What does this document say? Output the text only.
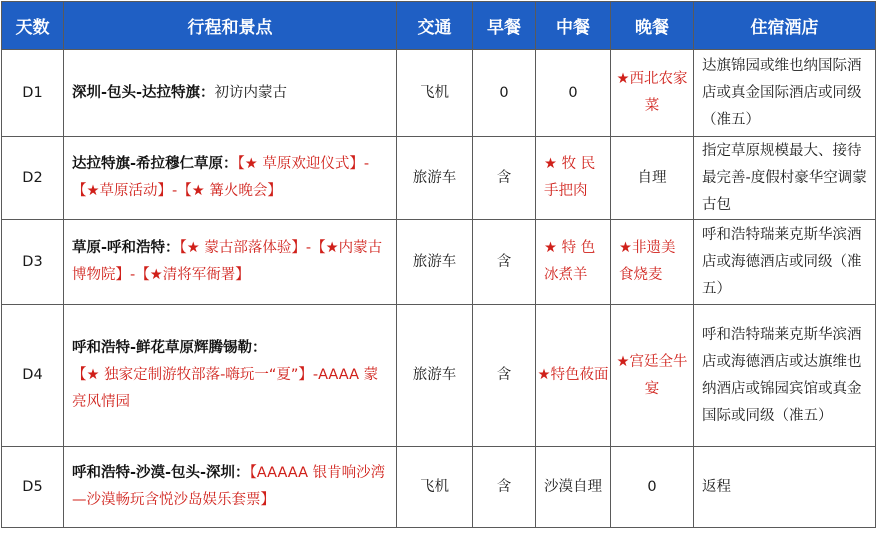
天数	行程和景点	交通	早餐	中餐	晚餐	住宿酒店
D1	深圳-包头-达拉特旗：初访内蒙古	飞机	0	0	★西北农家菜	达旗锦园或维也纳国际酒店或真金国际酒店或同级（准五）
D2	达拉特旗-希拉穆仁草原：【★ 草原欢迎仪式】-【★草原活动】-【★ 篝火晚会】	旅游车	含	★ 牧 民手把肉	自理	指定草原规模最大、接待最完善-度假村豪华空调蒙古包
D3	草原-呼和浩特：【★ 蒙古部落体验】-【★内蒙古博物院】-【★清将军衙署】	旅游车	含	★ 特 色冰煮羊	★非遗美食烧麦	呼和浩特瑞莱克斯华滨酒店或海德酒店或同级（准五）
D4	呼和浩特-鲜花草原辉腾锡勒：
【★ 独家定制游牧部落-嗨玩一“夏”】-AAAA 蒙亮风情园	旅游车	含	★特色莜面	★宫廷全牛宴	呼和浩特瑞莱克斯华滨酒店或海德酒店或达旗维也纳酒店或锦园宾馆或真金国际或同级（准五）
D5	呼和浩特-沙漠-包头-深圳：【AAAAA 银肯响沙湾—沙漠畅玩含悦沙岛娱乐套票】	飞机	含	沙漠自理	0	返程
